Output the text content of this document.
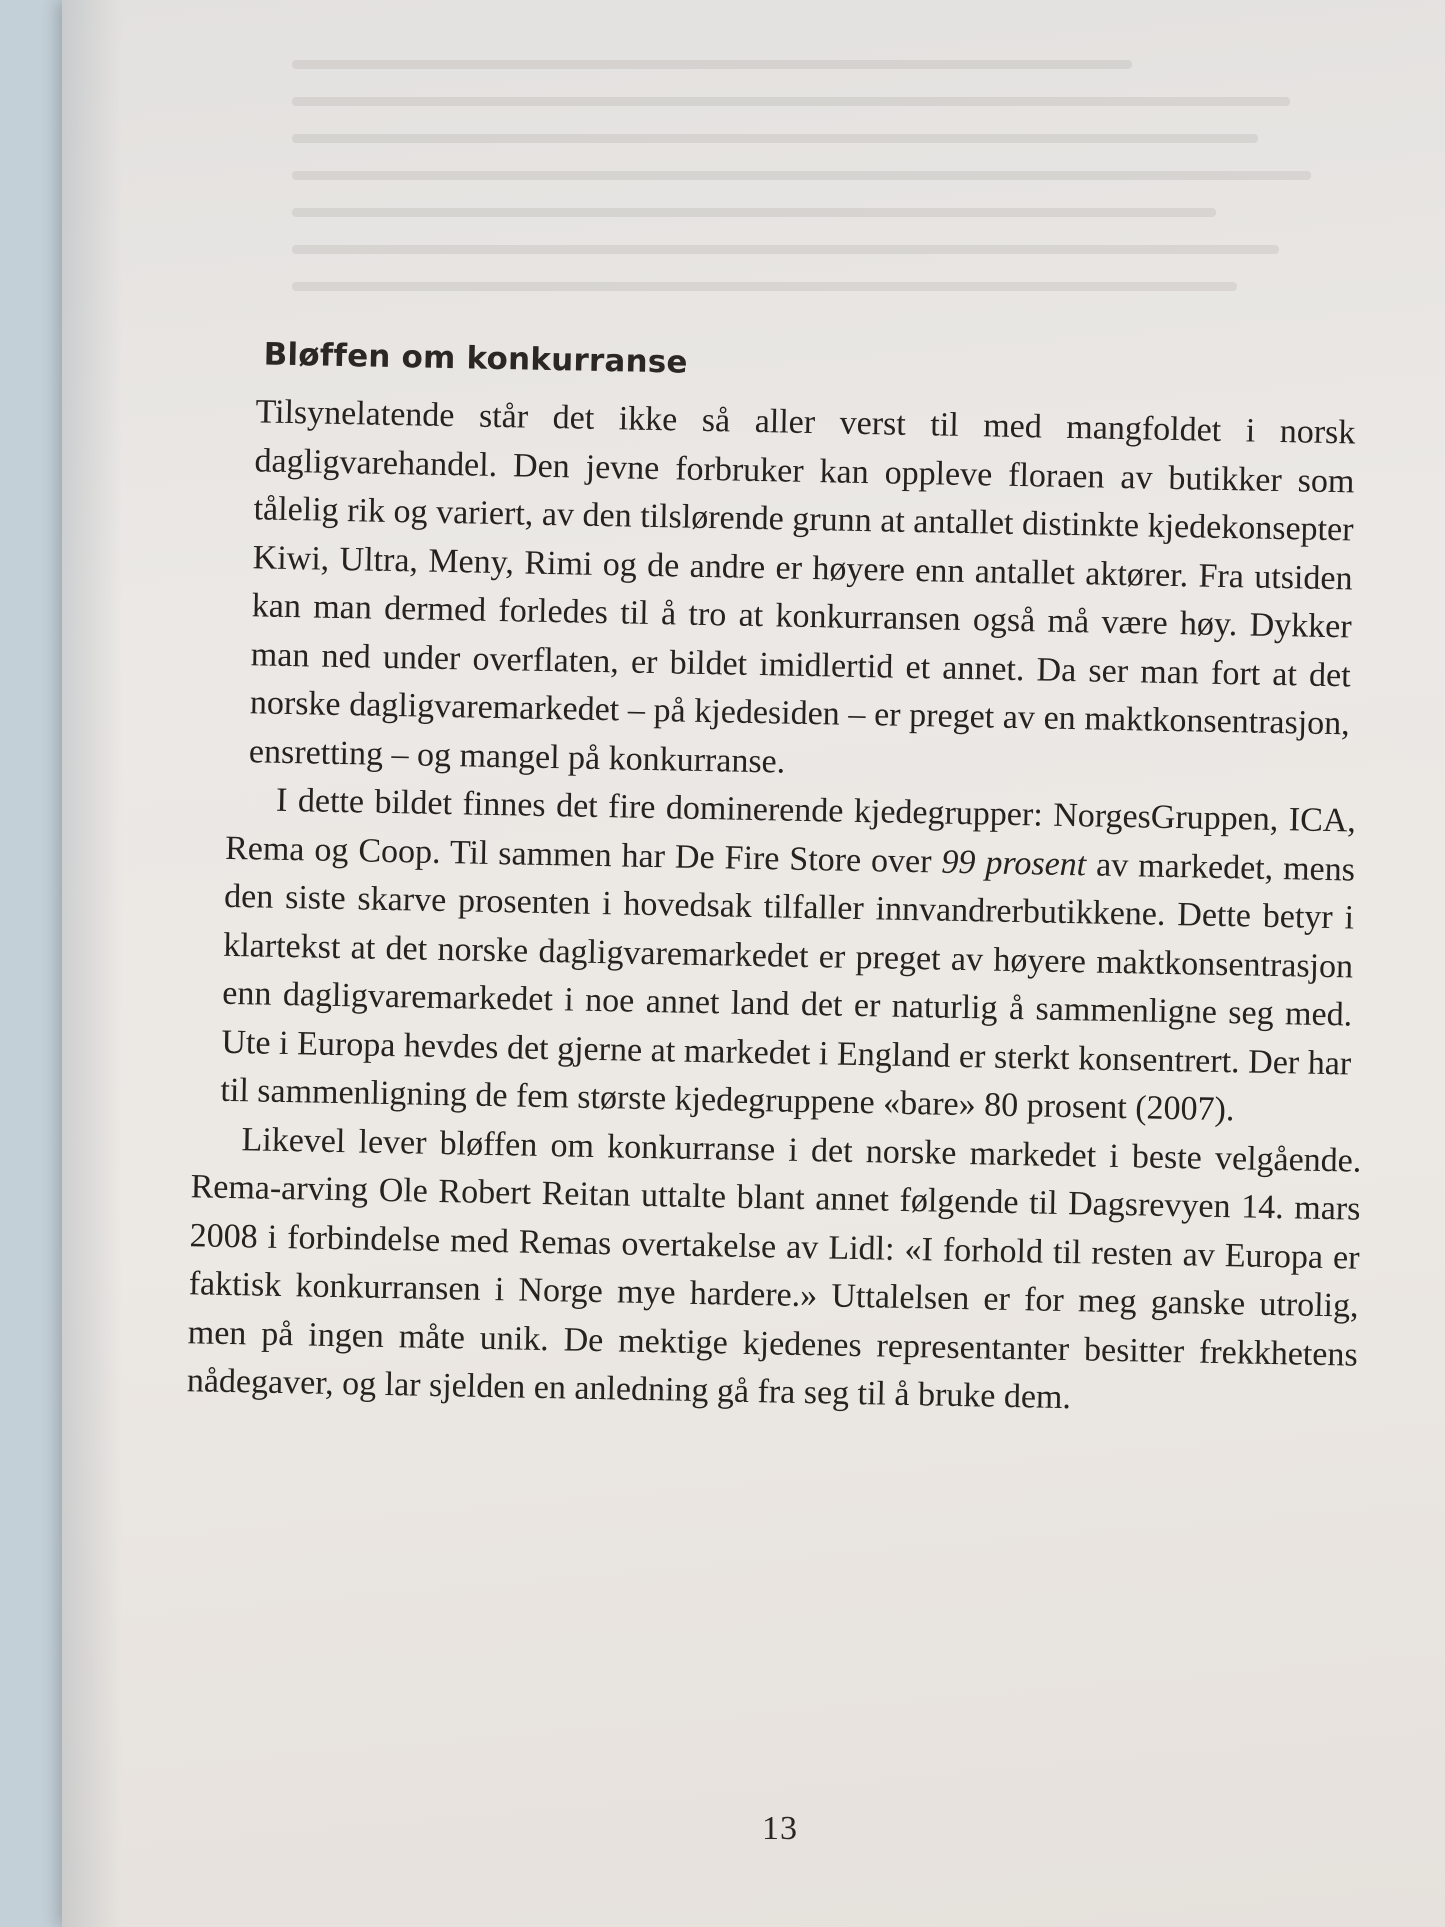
Bløffen om konkurranse

Tilsynelatende står det ikke så aller verst til med mangfoldet i norsk dagligvarehandel. Den jevne forbruker kan oppleve floraen av butikker som tålelig rik og variert, av den tilslørende grunn at antallet distinkte kjedekonsepter Kiwi, Ultra, Meny, Rimi og de andre er høyere enn antallet aktører. Fra utsiden kan man dermed forledes til å tro at konkurransen også må være høy. Dykker man ned under overflaten, er bildet imidlertid et annet. Da ser man fort at det norske dagligvaremarkedet – på kjedesiden – er preget av en maktkonsentrasjon, ensretting – og mangel på konkurranse.

I dette bildet finnes det fire dominerende kjedegrupper: NorgesGruppen, ICA, Rema og Coop. Til sammen har De Fire Store over 99 prosent av markedet, mens den siste skarve prosenten i hovedsak tilfaller innvandrerbutikkene. Dette betyr i klartekst at det norske dagligvaremarkedet er preget av høyere maktkonsentrasjon enn dagligvaremarkedet i noe annet land det er naturlig å sammenligne seg med. Ute i Europa hevdes det gjerne at markedet i England er sterkt konsentrert. Der har til sammenligning de fem største kjedegruppene «bare» 80 prosent (2007).

Likevel lever bløffen om konkurranse i det norske markedet i beste velgående. Rema-arving Ole Robert Reitan uttalte blant annet følgende til Dagsrevyen 14. mars 2008 i forbindelse med Remas overtakelse av Lidl: «I forhold til resten av Europa er faktisk konkurransen i Norge mye hardere.» Uttalelsen er for meg ganske utrolig, men på ingen måte unik. De mektige kjedenes representanter besitter frekkhetens nådegaver, og lar sjelden en anledning gå fra seg til å bruke dem.

13
